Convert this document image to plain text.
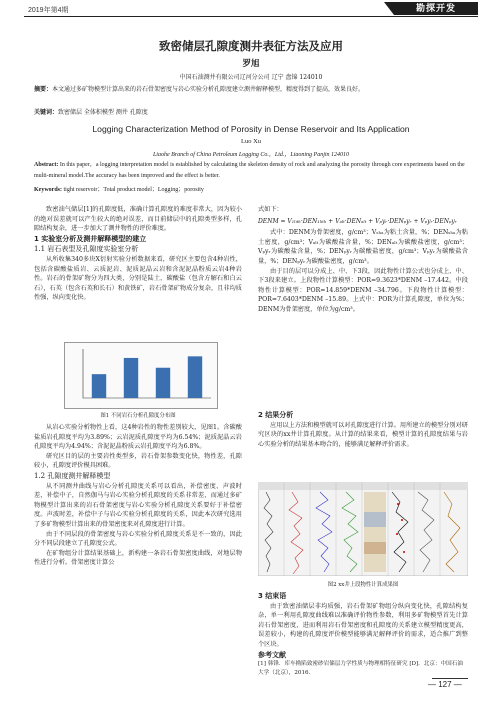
2019年第4期	勘探开发
致密储层孔隙度测井表征方法及应用
罗旭
中国石油测井有限公司辽河分公司 辽宁 盘锦 124010
摘要：本文通过多矿物模型计算出来的岩石骨架密度与岩心实验分析孔隙度建立测井解释模型，精度得到了提高，效果良好。
关键词：致密储层 全体积模型 测井 孔隙度
Logging Characterization Method of Porosity in Dense Reservoir and Its Application
Luo Xu
Liaohe Branch of China Petroleum Logging Co.，Ltd.，Liaoning Panjin 124010
Abstract: In this paper，a logging interpretation model is established by calculating the skeleton density of rock and analyzing the porosity through core experiments based on the multi-mineral model.The accuracy has been improved and the effect is better.
Keywords: tight reservoir；Total product model；Logging；porosity

致密油气储层[1]的孔隙度低，准确计算孔隙度的难度非常大，因为较小的绝对误差就可以产生较大的绝对误差，而目前储层中的孔隙类型多样，孔隙结构复杂，进一步加大了测井物性的评价难度。

1 实验室分析及测井解释模型的建立
1.1 岩石表型及孔隙度实验室分析

从所收集340多块X衍射实验分析数据来看，研究区主要包含4种岩性，包括含碳酸盐质岩、云质泥岩、泥质泥晶云岩和含泥泥晶粉质云岩4种岩性。岩石的骨架矿物分为四大类，分别是陆土，碳酸盐（包含方解石和白云石），石英（包含石英和长石）和黄铁矿，岩石骨架矿物成分复杂，且非均质性强，纵向变化快。

图1 不同岩石分析孔隙度分布图

从岩心实验分析物性上看，这4种岩性的物性差别较大，见图1。含碳酸盐质岩孔隙度平均为3.89%；云岩泥质孔隙度平均为6.54%；泥质泥晶云岩孔隙度平均为4.94%；含泥泥晶粉质云岩孔隙度平均为6.8%。

研究区目的层的主要岩性类型多，岩石骨架参数变化快，物性差，孔隙较小，孔隙度评价模具困难。

1.2 孔隙度测井解释模型

从不同测井曲线与岩心分析孔隙度关系可以看出，补偿密度、声波时差，补偿中子，自然伽马与岩心实验分析孔隙度的关系非常差，而通过多矿物模型计算出来的岩石骨架密度与岩心实验分析孔隙度关系要好于补偿密度。声波时差，补偿中子与岩心实验分析孔隙度的关系，因此本次研究选用了多矿物模型计算出来的骨架密度来对孔隙度进行计算。

由于不同层段的骨架密度与岩心实验分析孔隙度关系是不一致的，因此分不同层段建立了孔隙度公式。

在矿物组分计算结果基础上，新构建一条岩石骨架密度曲线，对地层物性进行分析。骨架密度计算公

式如下：
DENM = V₁ₗᵢₜₕ·DEN₁ₗᵢₜₕ + Vₐₗₜ·DENₐₗₜ + Vₚyᵣ·DENₚyᵣ + Vₚyᵣ·DENₚyᵣ

式中：DENM为骨架密度，g/cm³；Vₛₕₐ为粘土含量，%；DENₛₕₐ为粘土密度，g/cm³；Vₐₗₜ为碳酸盐含量，%；DENₐₗₜ为碳酸盐密度，g/cm³；Vₚyᵣ为碳酸盐含量，%；DENₚyᵣ为碳酸盐密度，g/cm³；Vₚyᵣ为碳酸盐含量，%；DENₚyᵣ为碳酸盐密度，g/cm³。

由于目的层可以分成上、中、下3段，因此物性计算公式也分成上、中、下3段来建立。上段物性计算模型：POR=9.3623*DENM –17.442。中段物性计算模型：POR=14.859*DENM –34.796。下段物性计算模型：POR=7.6403*DENM –15.89。上式中：POR为计算孔隙度，单位为%；DENM为骨架密度，单位为g/cm³。

2 结果分析

应用以上方法和模型就可以对孔隙度进行计算。用所建立的模型分别对研究区块的xx井计算孔隙度。从计算的结果来看，模型计算的孔隙度结果与岩心实验分析的结果基本吻合的，能够满足解释评价需求。

图2 xx井上段物性计算成果图
3 结束语

由于致密油储层非均质强，岩石骨架矿物组分纵向变化快，孔隙结构复杂，单一利用孔隙度曲线难以准确评价物性参数，利用多矿物模型首先计算岩石骨架密度，进而利用岩石骨架密度和孔隙度的关系建立模型精度更高，误差较小，构建的孔隙度评价模型能够满足解释评价的需求，适合推广到整个区块。

参考文献
[1] 韩锋．库车拗陷致密砂岩储层力学性质与物理相特征研究 [D]．北京：中国石油大学（北京），2016.
— 127 —
